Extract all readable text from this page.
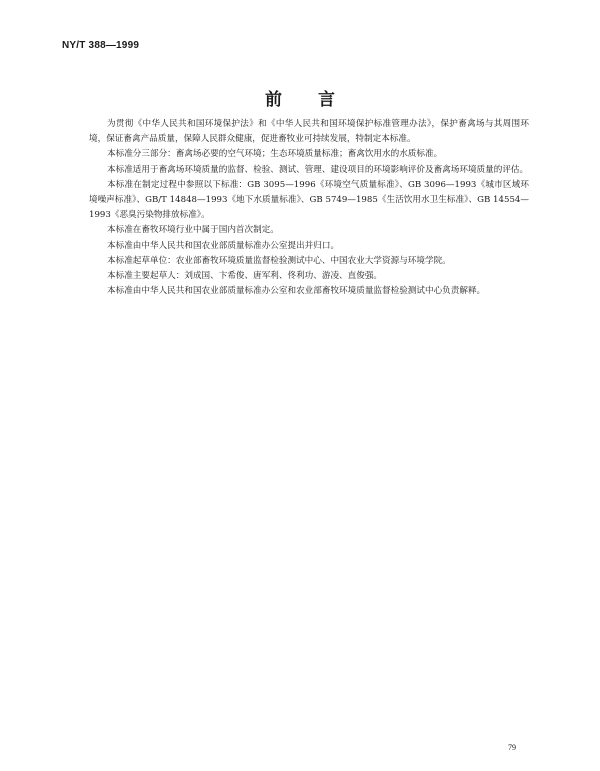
NY/T 388—1999
前言

为贯彻《中华人民共和国环境保护法》和《中华人民共和国环境保护标准管理办法》，保护畜禽场与其周围环境，保证畜禽产品质量，保障人民群众健康，促进畜牧业可持续发展，特制定本标准。

本标准分三部分：畜禽场必要的空气环境；生态环境质量标准；畜禽饮用水的水质标准。

本标准适用于畜禽场环境质量的监督、检验、测试、管理、建设项目的环境影响评价及畜禽场环境质量的评估。

本标准在制定过程中参照以下标准：GB 3095—1996《环境空气质量标准》、GB 3096—1993《城市区域环境噪声标准》、GB/T 14848—1993《地下水质量标准》、GB 5749—1985《生活饮用水卫生标准》、GB 14554—1993《恶臭污染物排放标准》。

本标准在畜牧环境行业中属于国内首次制定。

本标准由中华人民共和国农业部质量标准办公室提出并归口。

本标准起草单位：农业部畜牧环境质量监督检验测试中心、中国农业大学资源与环境学院。

本标准主要起草人：刘成国、卞希俊、唐军利、佟利功、游凌、直俊强。

本标准由中华人民共和国农业部质量标准办公室和农业部畜牧环境质量监督检验测试中心负责解释。

79
